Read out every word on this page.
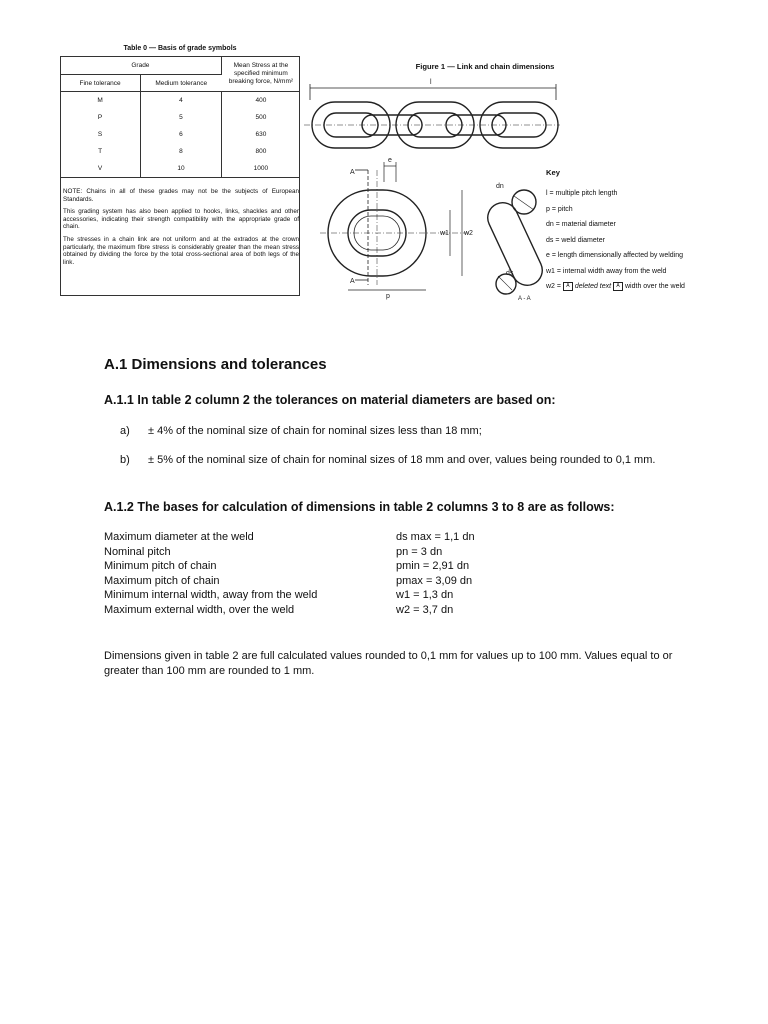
Table 0 — Basis of grade symbols
Grade		Mean Stress at the specified minimum breaking force, N/mm²
Fine tolerance	Medium tolerance	
M	4	400
P	5	500
S	6	630
T	8	800
V	10	1000

NOTE: Chains in all of these grades may not be the subjects of European Standards.

This grading system has also been applied to hooks, links, shackles and other accessories, indicating their strength compatibility with the appropriate grade of chain.

The stresses in a chain link are not uniform and at the extrados at the crown particularly, the maximum fibre stress is considerably greater than the mean stress obtained by dividing the force by the total cross-sectional area of both legs of the link.

Figure 1 — Link and chain dimensions
l
A
A
e
p
w1 w2
dn
ds
A - A
Key
l = multiple pitch length
p = pitch
dn = material diameter
ds = weld diameter
e = length dimensionally affected by welding
w1 = internal width away from the weld
w2 = A deleted text A width over the weld
A.1 Dimensions and tolerances
A.1.1 In table 2 column 2 the tolerances on material diameters are based on:
a) ± 4% of the nominal size of chain for nominal sizes less than 18 mm;
b) ± 5% of the nominal size of chain for nominal sizes of 18 mm and over, values being rounded to 0,1 mm.
A.1.2 The bases for calculation of dimensions in table 2 columns 3 to 8 are as follows:
Maximum diameter at the weld	ds max = 1,1 dn
Nominal pitch	pn = 3 dn
Minimum pitch of chain	pmin = 2,91 dn
Maximum pitch of chain	pmax = 3,09 dn
Minimum internal width, away from the weld	w1 = 1,3 dn
Maximum external width, over the weld	w2 = 3,7 dn
Dimensions given in table 2 are full calculated values rounded to 0,1 mm for values up to 100 mm. Values equal to or greater than 100 mm are rounded to 1 mm.
